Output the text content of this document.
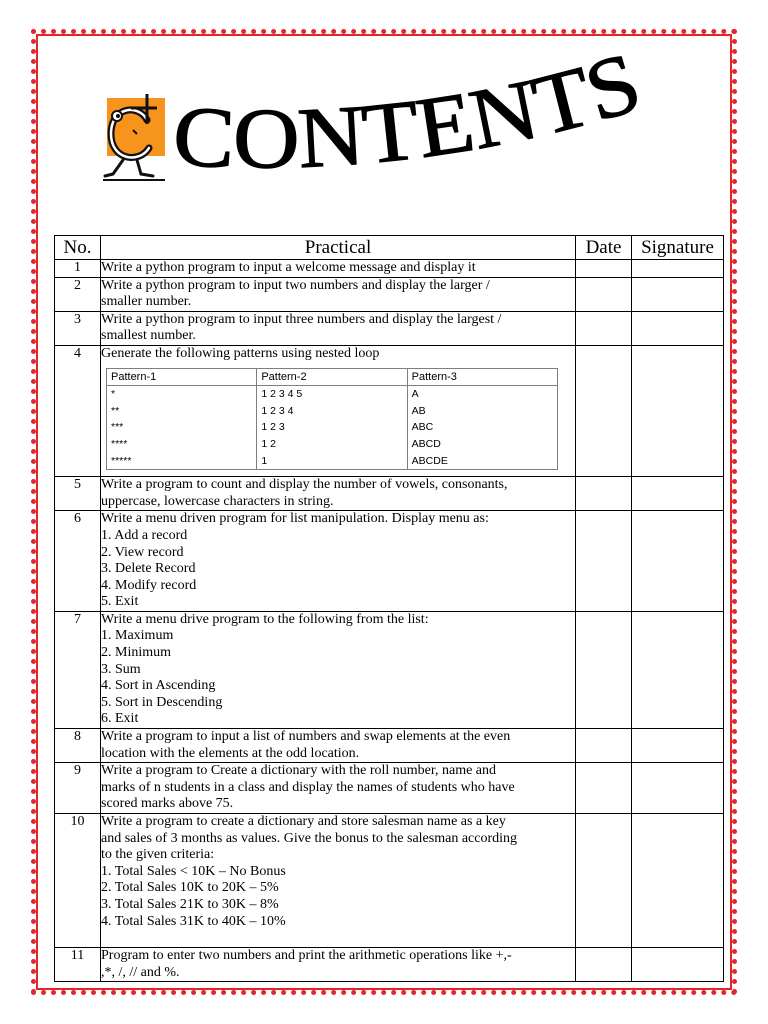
CONTENTS
No.	Practical	Date	Signature
1	Write a python program to input a welcome message and display it

2	Write a python program to input two numbers and display the larger /
smaller number.

3	Write a python program to input three numbers and display the largest /
smallest number.

4	Generate the following patterns using nested loop
Pattern-1	Pattern-2	Pattern-3
*	1 2 3 4 5	A
**	1 2 3 4	AB
***	1 2 3	ABC
****	1 2	ABCD
*****	1	ABCDE

5	Write a program to count and display the number of vowels, consonants,
uppercase, lowercase characters in string.

6	Write a menu driven program for list manipulation. Display menu as:
1. Add a record
2. View record
3. Delete Record
4. Modify record
5. Exit

7	Write a menu drive program to the following from the list:
1. Maximum
2. Minimum
3. Sum
4. Sort in Ascending
5. Sort in Descending
6. Exit

8	Write a program to input a list of numbers and swap elements at the even
location with the elements at the odd location.

9	Write a program to Create a dictionary with the roll number, name and
marks of n students in a class and display the names of students who have
scored marks above 75.

10	Write a program to create a dictionary and store salesman name as a key
and sales of 3 months as values. Give the bonus to the salesman according
to the given criteria:
1. Total Sales < 10K – No Bonus
2. Total Sales 10K to 20K – 5%
3. Total Sales 21K to 30K – 8%
4. Total Sales 31K to 40K – 10%

11	Program to enter two numbers and print the arithmetic operations like +,-
,*, /, // and %.
